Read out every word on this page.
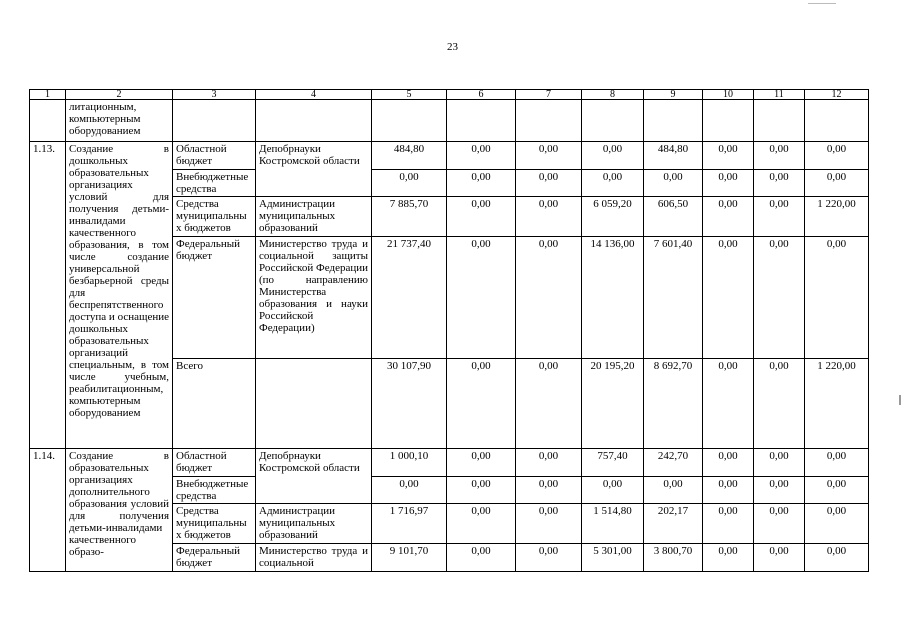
23
1	2	3	4	5	6	7	8	9	10	11	12
	литационным, компьютерным оборудованием										
1.13.	Создание в дошкольных образовательных организациях условий для получения детьми-инвалидами качественного образования, в том числе создание универсальной безбарьерной среды для беспрепятственного доступа и оснащение дошкольных образовательных организаций специальным, в том числе учебным, реабилитационным, компьютерным оборудованием	Областной бюджет	Депобрнауки Костромской области	484,80	0,00	0,00	0,00	484,80	0,00	0,00	0,00
		Внебюджетные средства		0,00	0,00	0,00	0,00	0,00	0,00	0,00	0,00
		Средства муниципальных бюджетов	Администрации муниципальных образований	7 885,70	0,00	0,00	6 059,20	606,50	0,00	0,00	1 220,00
		Федеральный бюджет	Министерство труда и социальной защиты Российской Федерации (по направлению Министерства образования и науки Российской Федерации)	21 737,40	0,00	0,00	14 136,00	7 601,40	0,00	0,00	0,00
		Всего		30 107,90	0,00	0,00	20 195,20	8 692,70	0,00	0,00	1 220,00
1.14.	Создание в образовательных организациях дополнительного образования условий для получения детьми-инвалидами качественного образо-	Областной бюджет	Депобрнауки Костромской области	1 000,10	0,00	0,00	757,40	242,70	0,00	0,00	0,00
		Внебюджетные средства		0,00	0,00	0,00	0,00	0,00	0,00	0,00	0,00
		Средства муниципальных бюджетов	Администрации муниципальных образований	1 716,97	0,00	0,00	1 514,80	202,17	0,00	0,00	0,00
		Федеральный бюджет	Министерство труда и социальной	9 101,70	0,00	0,00	5 301,00	3 800,70	0,00	0,00	0,00
